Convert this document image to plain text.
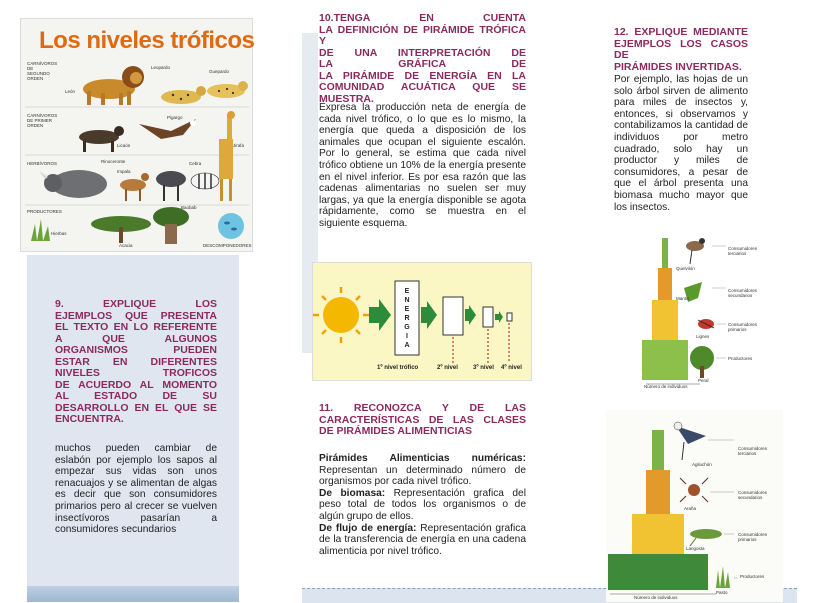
Los niveles tróficos
CARNÍVOROS DE SEGUNDO ORDEN
CARNÍVOROS DE PRIMER ORDEN
HERBÍVOROS
PRODUCTORES
DESCOMPONEDORES
León
Leopardo
Guepardo
Licaón
Pigargo
Jirafa
Rinoceronte
Impala
Cebra
Hierbas
Acacia
Baobab
9. EXPLIQUE LOS
EJEMPLOS QUE PRESENTA
EL TEXTO EN LO REFERENTE
A QUE ALGUNOS
ORGANISMOS PUEDEN
ESTAR EN DIFERENTES
NIVELES TROFICOS
DE ACUERDO AL MOMENTO
AL ESTADO DE SU
DESARROLLO EN EL QUE SE
ENCUENTRA.
muchos pueden cambiar de eslabón por ejemplo los sapos al empezar sus vidas son unos renacuajos y se alimentan de algas es decir que son consumidores primarios pero al crecer se vuelven insectívoros pasarían a consumidores secundarios
10.TENGA EN CUENTA
LA DEFINICIÓN DE PIRÁMIDE TRÓFICA Y
DE UNA INTERPRETACIÓN DE
LA GRÁFICA DE
LA PIRÁMIDE DE ENERGÍA EN LA
COMUNIDAD ACUÁTICA QUE SE
MUESTRA.
Expresa la producción neta de energía de cada nivel trófico, o lo que es lo mismo, la energía que queda a disposición de los animales que ocupan el siguiente escalón. Por lo general, se estima que cada nivel trófico obtiene un 10% de la energía presente en el nivel inferior. Es por esa razón que las cadenas alimentarias no suelen ser muy largas, ya que la energía disponible se agota rápidamente, como se muestra en el siguiente esquema.
E
N
E
R
G
I
A
1º nivel trófico	2º nivel	3º nivel 4º nivel
11. RECONOZCA Y DE LAS
CARACTERÍSTICAS DE LAS CLASES
DE PIRÁMIDES ALIMENTICIAS
Pirámides Alimenticias numéricas: Representan un determinado número de organismos por cada nivel trófico.
De biomasa: Representación grafica del peso total de todos los organismos o de algún grupo de ellos.
De flujo de energía: Representación grafica de la transferencia de energía en una cadena alimenticia por nivel trófico.
12. EXPLIQUE MEDIANTE
EJEMPLOS LOS CASOS DE
PIRÁMIDES INVERTIDAS.
Por ejemplo, las hojas de un solo árbol sirven de alimento para miles de insectos y, entonces, si observamos y contabilizamos la cantidad de individuos por metro cuadrado, solo hay un productor y miles de consumidores, a pesar de que el árbol presenta una biomasa mucho mayor que los insectos.
Consumidores terciarios
Consumidores secundarios
Consumidores primarios
Productores
Número de individuos
Quelvilón
Mantis
Lignes
Peral
Consumidores terciarios
Consumidores secundarios
Consumidores primarios
Productores
Número de individuos
Agiluchón
Araña
Langosta
Pasto
